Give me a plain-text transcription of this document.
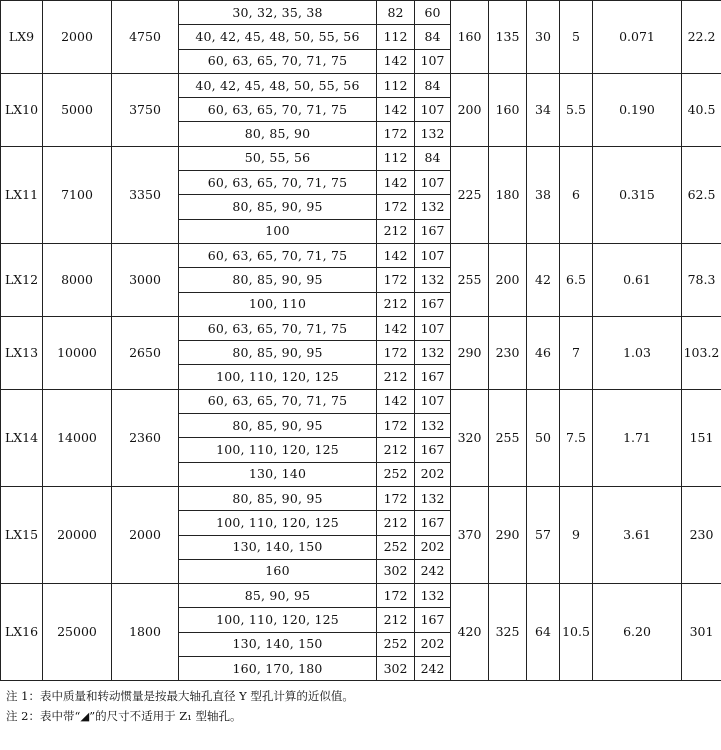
LX9	2000	4750	30, 32, 35, 38	82	60	160	135	30	5	0.071	22.2
			40, 42, 45, 48, 50, 55, 56	112	84						
			60, 63, 65, 70, 71, 75	142	107						
LX10	5000	3750	40, 42, 45, 48, 50, 55, 56	112	84	200	160	34	5.5	0.190	40.5
			60, 63, 65, 70, 71, 75	142	107						
			80, 85, 90	172	132						
LX11	7100	3350	50, 55, 56	112	84	225	180	38	6	0.315	62.5
			60, 63, 65, 70, 71, 75	142	107						
			80, 85, 90, 95	172	132						
			100	212	167						
LX12	8000	3000	60, 63, 65, 70, 71, 75	142	107	255	200	42	6.5	0.61	78.3
			80, 85, 90, 95	172	132						
			100, 110	212	167						
LX13	10000	2650	60, 63, 65, 70, 71, 75	142	107	290	230	46	7	1.03	103.2
			80, 85, 90, 95	172	132						
			100, 110, 120, 125	212	167						
LX14	14000	2360	60, 63, 65, 70, 71, 75	142	107	320	255	50	7.5	1.71	151
			80, 85, 90, 95	172	132						
			100, 110, 120, 125	212	167						
			130, 140	252	202						
LX15	20000	2000	80, 85, 90, 95	172	132	370	290	57	9	3.61	230
			100, 110, 120, 125	212	167						
			130, 140, 150	252	202						
			160	302	242						
LX16	25000	1800	85, 90, 95	172	132	420	325	64	10.5	6.20	301
			100, 110, 120, 125	212	167						
			130, 140, 150	252	202						
			160, 170, 180	302	242						
注 1：表中质量和转动惯量是按最大轴孔直径 Y 型孔计算的近似值。
注 2：表中带“◢”的尺寸不适用于 Z₁ 型轴孔。
